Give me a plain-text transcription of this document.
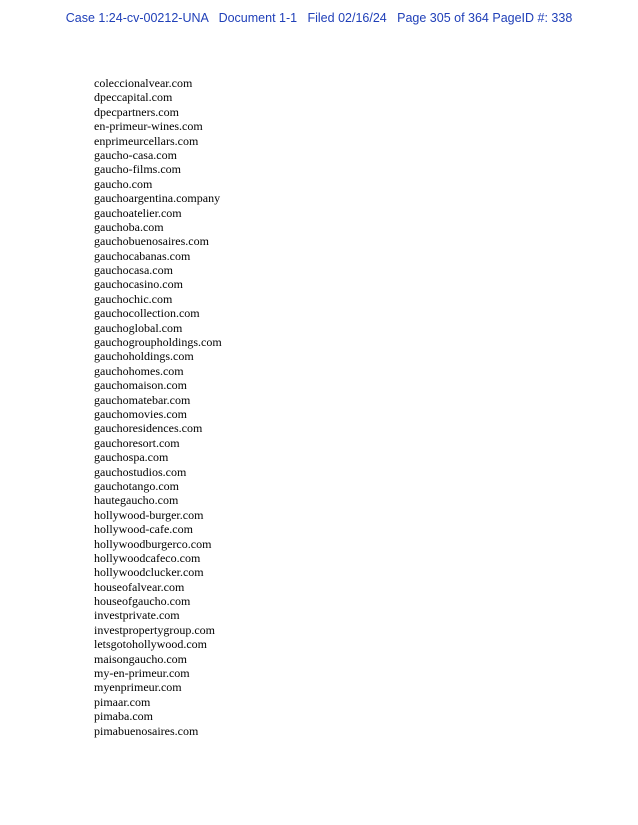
Case 1:24-cv-00212-UNA   Document 1-1   Filed 02/16/24   Page 305 of 364 PageID #: 338
coleccionalvear.com
dpeccapital.com
dpecpartners.com
en-primeur-wines.com
enprimeurcellars.com
gaucho-casa.com
gaucho-films.com
gaucho.com
gauchoargentina.company
gauchoatelier.com
gauchoba.com
gauchobuenosaires.com
gauchocabanas.com
gauchocasa.com
gauchocasino.com
gauchochic.com
gauchocollection.com
gauchoglobal.com
gauchogroupholdings.com
gauchoholdings.com
gauchohomes.com
gauchomaison.com
gauchomatebar.com
gauchomovies.com
gauchoresidences.com
gauchoresort.com
gauchospa.com
gauchostudios.com
gauchotango.com
hautegaucho.com
hollywood-burger.com
hollywood-cafe.com
hollywoodburgerco.com
hollywoodcafeco.com
hollywoodclucker.com
houseofalvear.com
houseofgaucho.com
investprivate.com
investpropertygroup.com
letsgotohollywood.com
maisongaucho.com
my-en-primeur.com
myenprimeur.com
pimaar.com
pimaba.com
pimabuenosaires.com
